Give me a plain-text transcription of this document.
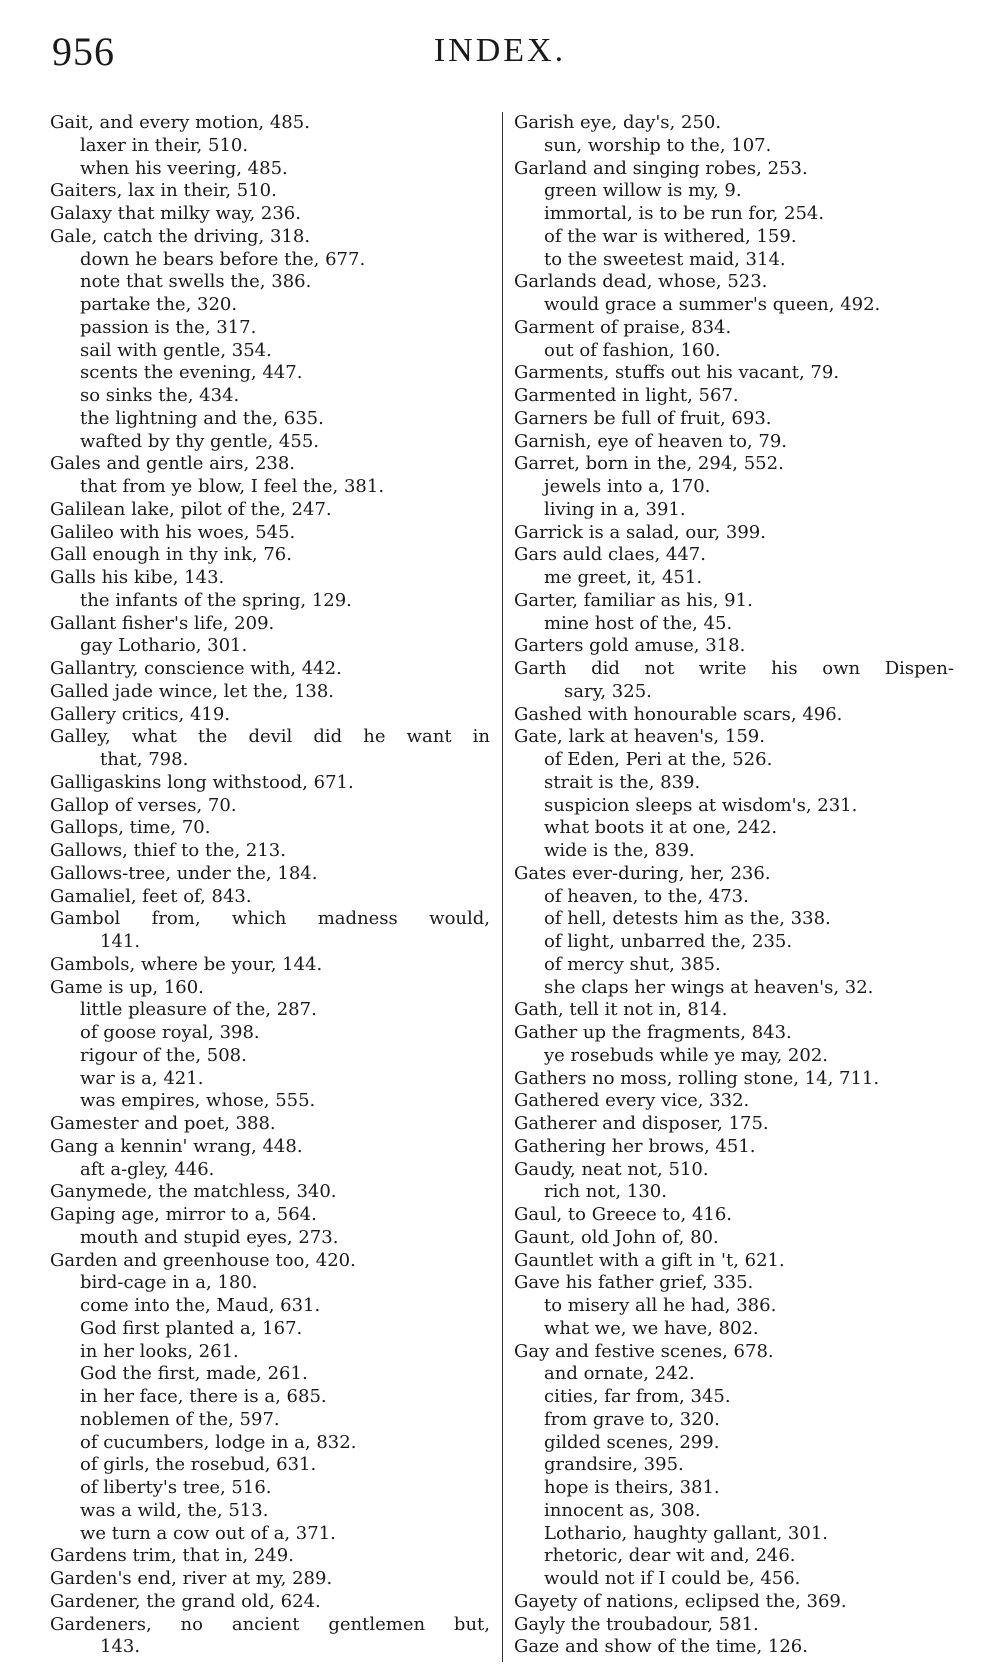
956	INDEX.
Gait, and every motion, 485.
laxer in their, 510.
when his veering, 485.
Gaiters, lax in their, 510.
Galaxy that milky way, 236.
Gale, catch the driving, 318.
down he bears before the, 677.
note that swells the, 386.
partake the, 320.
passion is the, 317.
sail with gentle, 354.
scents the evening, 447.
so sinks the, 434.
the lightning and the, 635.
wafted by thy gentle, 455.
Gales and gentle airs, 238.
that from ye blow, I feel the, 381.
Galilean lake, pilot of the, 247.
Galileo with his woes, 545.
Gall enough in thy ink, 76.
Galls his kibe, 143.
the infants of the spring, 129.
Gallant fisher's life, 209.
gay Lothario, 301.
Gallantry, conscience with, 442.
Galled jade wince, let the, 138.
Gallery critics, 419.
Galley, what the devil did he want in
that, 798.
Galligaskins long withstood, 671.
Gallop of verses, 70.
Gallops, time, 70.
Gallows, thief to the, 213.
Gallows-tree, under the, 184.
Gamaliel, feet of, 843.
Gambol from, which madness would,
141.
Gambols, where be your, 144.
Game is up, 160.
little pleasure of the, 287.
of goose royal, 398.
rigour of the, 508.
war is a, 421.
was empires, whose, 555.
Gamester and poet, 388.
Gang a kennin' wrang, 448.
aft a-gley, 446.
Ganymede, the matchless, 340.
Gaping age, mirror to a, 564.
mouth and stupid eyes, 273.
Garden and greenhouse too, 420.
bird-cage in a, 180.
come into the, Maud, 631.
God first planted a, 167.
in her looks, 261.
God the first, made, 261.
in her face, there is a, 685.
noblemen of the, 597.
of cucumbers, lodge in a, 832.
of girls, the rosebud, 631.
of liberty's tree, 516.
was a wild, the, 513.
we turn a cow out of a, 371.
Gardens trim, that in, 249.
Garden's end, river at my, 289.
Gardener, the grand old, 624.
Gardeners, no ancient gentlemen but,
143.
Garish eye, day's, 250.
sun, worship to the, 107.
Garland and singing robes, 253.
green willow is my, 9.
immortal, is to be run for, 254.
of the war is withered, 159.
to the sweetest maid, 314.
Garlands dead, whose, 523.
would grace a summer's queen, 492.
Garment of praise, 834.
out of fashion, 160.
Garments, stuffs out his vacant, 79.
Garmented in light, 567.
Garners be full of fruit, 693.
Garnish, eye of heaven to, 79.
Garret, born in the, 294, 552.
jewels into a, 170.
living in a, 391.
Garrick is a salad, our, 399.
Gars auld claes, 447.
me greet, it, 451.
Garter, familiar as his, 91.
mine host of the, 45.
Garters gold amuse, 318.
Garth did not write his own Dispen-
sary, 325.
Gashed with honourable scars, 496.
Gate, lark at heaven's, 159.
of Eden, Peri at the, 526.
strait is the, 839.
suspicion sleeps at wisdom's, 231.
what boots it at one, 242.
wide is the, 839.
Gates ever-during, her, 236.
of heaven, to the, 473.
of hell, detests him as the, 338.
of light, unbarred the, 235.
of mercy shut, 385.
she claps her wings at heaven's, 32.
Gath, tell it not in, 814.
Gather up the fragments, 843.
ye rosebuds while ye may, 202.
Gathers no moss, rolling stone, 14, 711.
Gathered every vice, 332.
Gatherer and disposer, 175.
Gathering her brows, 451.
Gaudy, neat not, 510.
rich not, 130.
Gaul, to Greece to, 416.
Gaunt, old John of, 80.
Gauntlet with a gift in 't, 621.
Gave his father grief, 335.
to misery all he had, 386.
what we, we have, 802.
Gay and festive scenes, 678.
and ornate, 242.
cities, far from, 345.
from grave to, 320.
gilded scenes, 299.
grandsire, 395.
hope is theirs, 381.
innocent as, 308.
Lothario, haughty gallant, 301.
rhetoric, dear wit and, 246.
would not if I could be, 456.
Gayety of nations, eclipsed the, 369.
Gayly the troubadour, 581.
Gaze and show of the time, 126.
